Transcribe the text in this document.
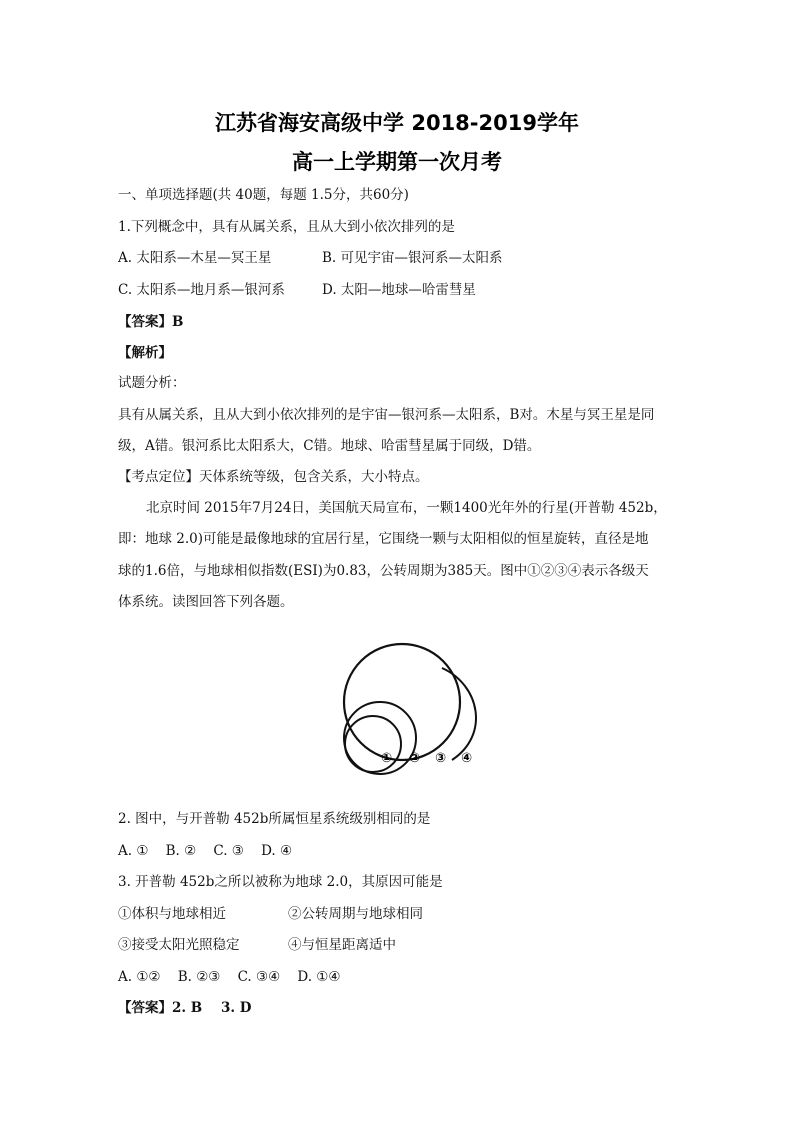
江苏省海安高级中学 2018-2019学年
高一上学期第一次月考
一、单项选择题(共 40题，每题 1.5分，共60分)
1.下列概念中，具有从属关系，且从大到小依次排列的是
A. 太阳系—木星—冥王星	B. 可见宇宙—银河系—太阳系
C. 太阳系—地月系—银河系	D. 太阳—地球—哈雷彗星
【答案】B
【解析】
试题分析：
具有从属关系，且从大到小依次排列的是宇宙—银河系—太阳系，B对。木星与冥王星是同
级，A错。银河系比太阳系大，C错。地球、哈雷彗星属于同级，D错。
【考点定位】天体系统等级，包含关系，大小特点。
北京时间 2015年7月24日，美国航天局宣布，一颗1400光年外的行星(开普勒 452b，
即：地球 2.0)可能是最像地球的宜居行星，它围绕一颗与太阳相似的恒星旋转，直径是地
球的1.6倍，与地球相似指数(ESI)为0.83，公转周期为385天。图中①②③④表示各级天
体系统。读图回答下列各题。
① ② ③ ④
2. 图中，与开普勒 452b所属恒星系统级别相同的是
A. ①    B. ②    C. ③    D. ④
3. 开普勒 452b之所以被称为地球 2.0，其原因可能是
①体积与地球相近	②公转周期与地球相同
③接受太阳光照稳定	④与恒星距离适中
A. ①②    B. ②③    C. ③④    D. ①④
【答案】2. B    3. D
